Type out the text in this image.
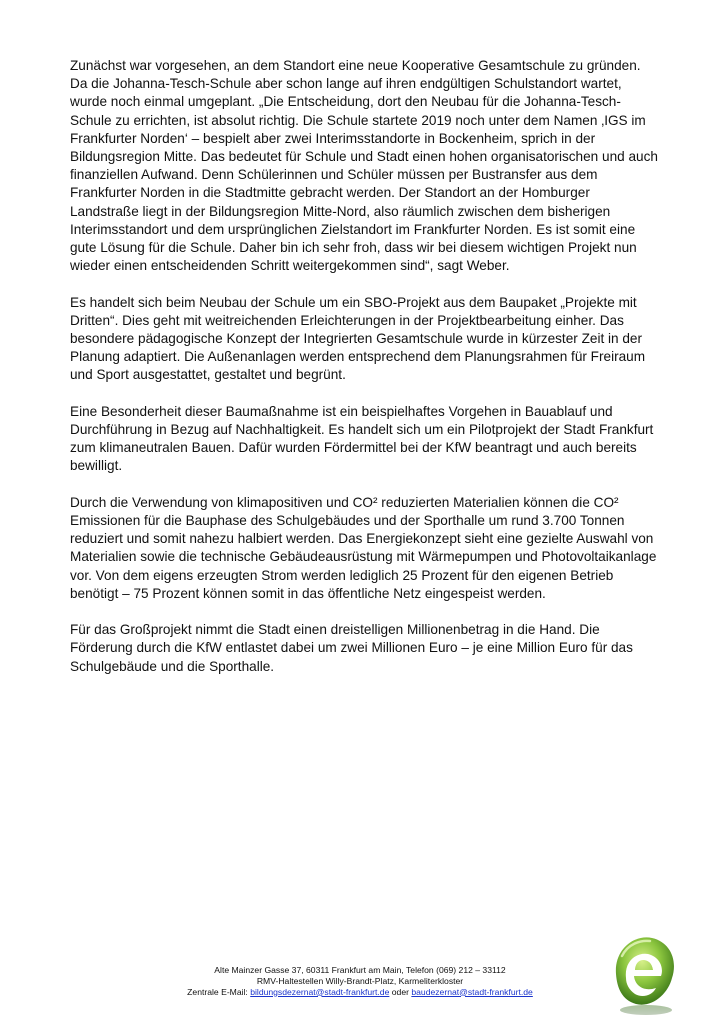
Zunächst war vorgesehen, an dem Standort eine neue Kooperative Gesamtschule zu gründen. Da die Johanna-Tesch-Schule aber schon lange auf ihren endgültigen Schulstandort wartet, wurde noch einmal umgeplant. „Die Entscheidung, dort den Neubau für die Johanna-Tesch-Schule zu errichten, ist absolut richtig. Die Schule startete 2019 noch unter dem Namen ‚IGS im Frankfurter Norden‘ – bespielt aber zwei Interimsstandorte in Bockenheim, sprich in der Bildungsregion Mitte. Das bedeutet für Schule und Stadt einen hohen organisatorischen und auch finanziellen Aufwand. Denn Schülerinnen und Schüler müssen per Bustransfer aus dem Frankfurter Norden in die Stadtmitte gebracht werden. Der Standort an der Homburger Landstraße liegt in der Bildungsregion Mitte-Nord, also räumlich zwischen dem bisherigen Interimsstandort und dem ursprünglichen Zielstandort im Frankfurter Norden. Es ist somit eine gute Lösung für die Schule. Daher bin ich sehr froh, dass wir bei diesem wichtigen Projekt nun wieder einen entscheidenden Schritt weitergekommen sind“, sagt Weber.

Es handelt sich beim Neubau der Schule um ein SBO-Projekt aus dem Baupaket „Projekte mit Dritten“. Dies geht mit weitreichenden Erleichterungen in der Projektbearbeitung einher. Das besondere pädagogische Konzept der Integrierten Gesamtschule wurde in kürzester Zeit in der Planung adaptiert. Die Außenanlagen werden entsprechend dem Planungsrahmen für Freiraum und Sport ausgestattet, gestaltet und begrünt.

Eine Besonderheit dieser Baumaßnahme ist ein beispielhaftes Vorgehen in Bauablauf und Durchführung in Bezug auf Nachhaltigkeit. Es handelt sich um ein Pilotprojekt der Stadt Frankfurt zum klimaneutralen Bauen. Dafür wurden Fördermittel bei der KfW beantragt und auch bereits bewilligt.

Durch die Verwendung von klimapositiven und CO² reduzierten Materialien können die CO² Emissionen für die Bauphase des Schulgebäudes und der Sporthalle um rund 3.700 Tonnen reduziert und somit nahezu halbiert werden. Das Energiekonzept sieht eine gezielte Auswahl von Materialien sowie die technische Gebäudeausrüstung mit Wärmepumpen und Photovoltaikanlage vor. Von dem eigens erzeugten Strom werden lediglich 25 Prozent für den eigenen Betrieb benötigt – 75 Prozent können somit in das öffentliche Netz eingespeist werden.

Für das Großprojekt nimmt die Stadt einen dreistelligen Millionenbetrag in die Hand. Die Förderung durch die KfW entlastet dabei um zwei Millionen Euro – je eine Million Euro für das Schulgebäude und die Sporthalle.

Alte Mainzer Gasse 37, 60311 Frankfurt am Main, Telefon (069) 212 – 33112
RMV-Haltestellen Willy-Brandt-Platz, Karmeliterkloster
Zentrale E-Mail: bildungsdezernat@stadt-frankfurt.de oder baudezernat@stadt-frankfurt.de
